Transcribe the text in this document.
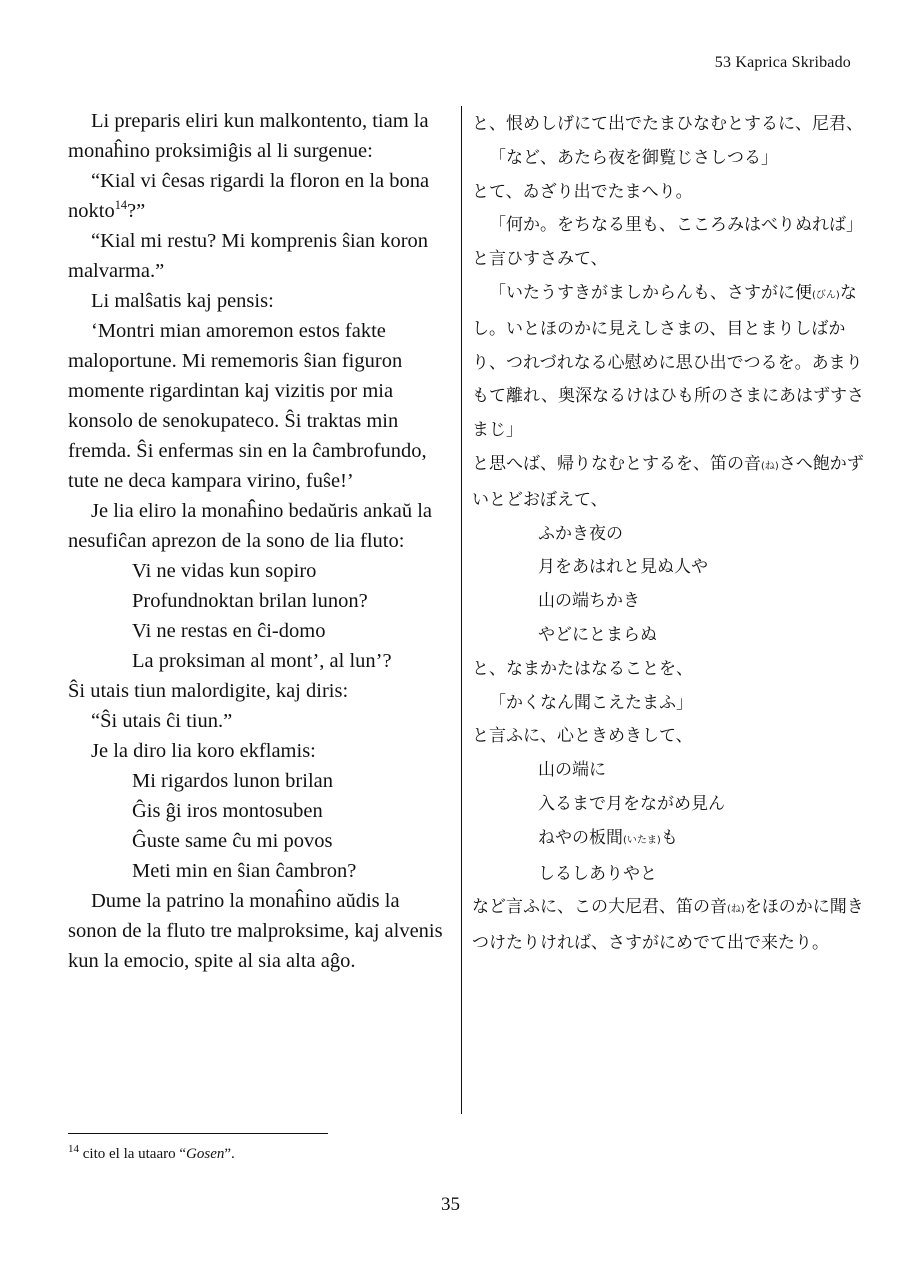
53 Kaprica Skribado

Li preparis eliri kun malkontento, tiam la monaĥino proksimiĝis al li surgenue:

“Kial vi ĉesas rigardi la floron en la bona nokto$^{14}$?”

“Kial mi restu? Mi komprenis ŝian koron malvarma.”

Li malŝatis kaj pensis:

‘Montri mian amoremon estos fakte maloportune. Mi rememoris ŝian figuron momente rigardintan kaj vizitis por mia konsolo de senokupateco. Ŝi traktas min fremda. Ŝi enfermas sin en la ĉambrofundo, tute ne deca kampara virino, fuŝe!’

Je lia eliro la monaĥino bedaŭris ankaŭ la nesufiĉan aprezon de la sono de lia fluto:

Vi ne vidas kun sopiro

Profundnoktan brilan lunon?

Vi ne restas en ĉi-domo

La proksiman al mont’, al lun’?

Ŝi utais tiun malordigite, kaj diris:

“Ŝi utais ĉi tiun.”

Je la diro lia koro ekflamis:

Mi rigardos lunon brilan

Ĝis ĝi iros montosuben

Ĝuste same ĉu mi povos

Meti min en ŝian ĉambron?

Dume la patrino la monaĥino aŭdis la sonon de la fluto tre malproksime, kaj alvenis kun la emocio, spite al sia alta aĝo.

と、恨めしげにて出でたまひなむとするに、尼君、

「など、あたら夜を御覧じさしつる」

とて、ゐざり出でたまへり。

「何か。をちなる里も、こころみはべりぬれば」

と言ひすさみて、

「いたうすきがましからんも、さすがに便(びん)なし。いとほのかに見えしさまの、目とまりしばかり、つれづれなる心慰めに思ひ出でつるを。あまりもて離れ、奥深なるけはひも所のさまにあはずすさまじ」

と思へば、帰りなむとするを、笛の音(ね)さへ飽かずいとどおぼえて、

ふかき夜の

月をあはれと見ぬ人や

山の端ちかき

やどにとまらぬ

と、なまかたはなることを、

「かくなん聞こえたまふ」

と言ふに、心ときめきして、

山の端に

入るまで月をながめ見ん

ねやの板間(いたま)も

しるしありやと

など言ふに、この大尼君、笛の音(ね)をほのかに聞きつけたりければ、さすがにめでて出で来たり。

$^{14}$ cito el la utaaro “Gosen”.
35
